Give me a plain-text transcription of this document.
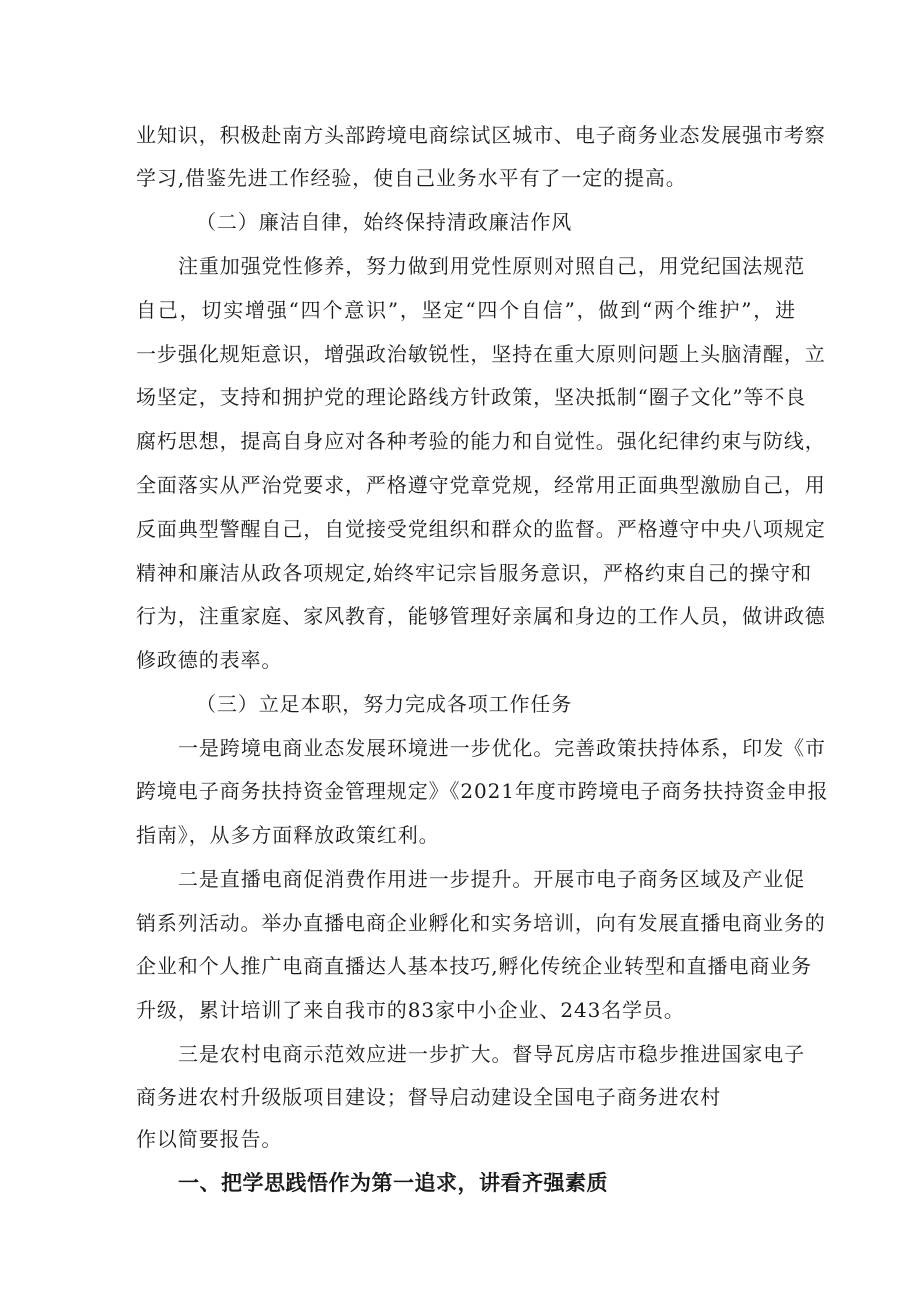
业知识，积极赴南方头部跨境电商综试区城市、电子商务业态发展强市考察
学习,借鉴先进工作经验，使自己业务水平有了一定的提高。
（二）廉洁自律，始终保持清政廉洁作风
注重加强党性修养，努力做到用党性原则对照自己，用党纪国法规范
自己，切实增强“四个意识”，坚定“四个自信”，做到“两个维护”，进
一步强化规矩意识，增强政治敏锐性，坚持在重大原则问题上头脑清醒，立
场坚定，支持和拥护党的理论路线方针政策，坚决抵制“圈子文化”等不良
腐朽思想，提高自身应对各种考验的能力和自觉性。强化纪律约束与防线，
全面落实从严治党要求，严格遵守党章党规，经常用正面典型激励自己，用
反面典型警醒自己，自觉接受党组织和群众的监督。严格遵守中央八项规定
精神和廉洁从政各项规定,始终牢记宗旨服务意识，严格约束自己的操守和
行为，注重家庭、家风教育，能够管理好亲属和身边的工作人员，做讲政德
修政德的表率。
（三）立足本职，努力完成各项工作任务
一是跨境电商业态发展环境进一步优化。完善政策扶持体系，印发《市
跨境电子商务扶持资金管理规定》《2021年度市跨境电子商务扶持资金申报
指南》，从多方面释放政策红利。
二是直播电商促消费作用进一步提升。开展市电子商务区域及产业促
销系列活动。举办直播电商企业孵化和实务培训，向有发展直播电商业务的
企业和个人推广电商直播达人基本技巧,孵化传统企业转型和直播电商业务
升级，累计培训了来自我市的83家中小企业、243名学员。
三是农村电商示范效应进一步扩大。督导瓦房店市稳步推进国家电子
商务进农村升级版项目建设；督导启动建设全国电子商务进农村
作以简要报告。
一、把学思践悟作为第一追求，讲看齐强素质
